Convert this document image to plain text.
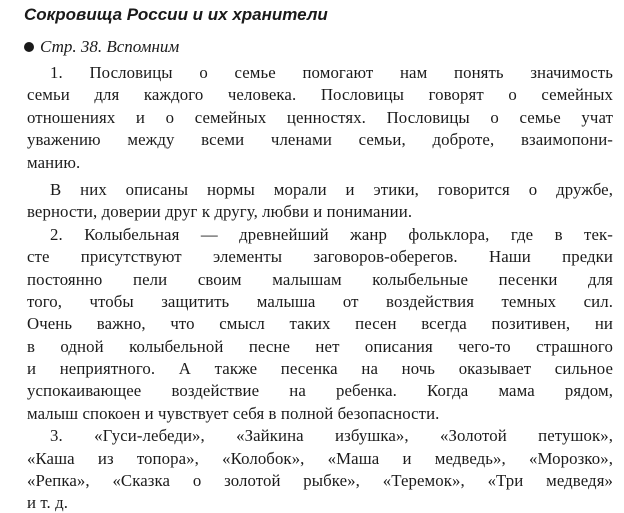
Сокровища России и их хранители
Стр. 38. Вспомним
1. Пословицы о семье помогают нам понять значимость
семьи для каждого человека. Пословицы говорят о семейных
отношениях и о семейных ценностях. Пословицы о семье учат
уважению между всеми членами семьи, доброте, взаимопони-
манию.
В них описаны нормы морали и этики, говорится о дружбе,
верности, доверии друг к другу, любви и понимании.
2. Колыбельная — древнейший жанр фольклора, где в тек-
сте присутствуют элементы заговоров-оберегов. Наши предки
постоянно пели своим малышам колыбельные песенки для
того, чтобы защитить малыша от воздействия темных сил.
Очень важно, что смысл таких песен всегда позитивен, ни
в одной колыбельной песне нет описания чего-то страшного
и неприятного. А также песенка на ночь оказывает сильное
успокаивающее воздействие на ребенка. Когда мама рядом,
малыш спокоен и чувствует себя в полной безопасности.
3. «Гуси-лебеди», «Зайкина избушка», «Золотой петушок»,
«Каша из топора», «Колобок», «Маша и медведь», «Морозко»,
«Репка», «Сказка о золотой рыбке», «Теремок», «Три медведя»
и т. д.
